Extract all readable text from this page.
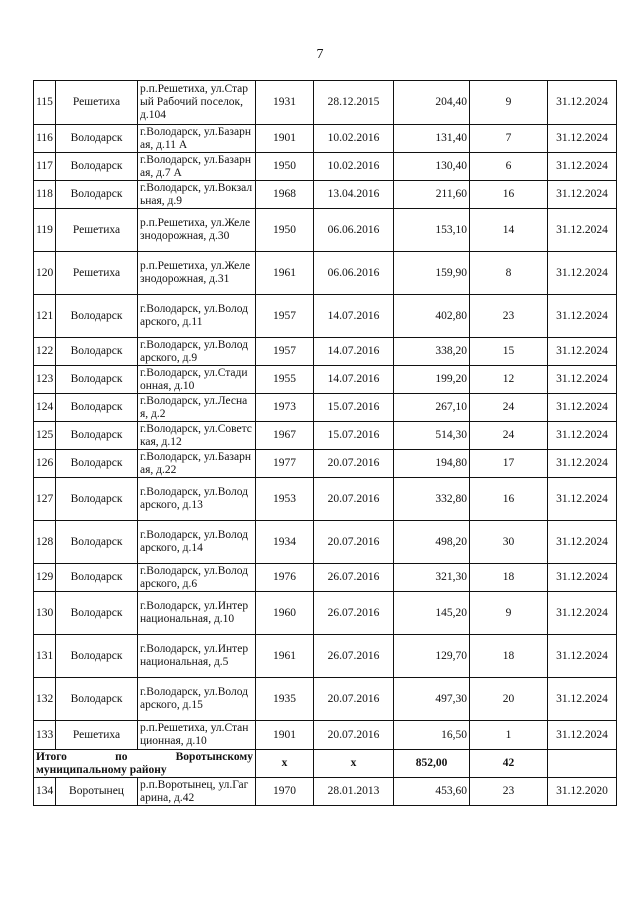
7
115	Решетиха	р.п.Решетиха, ул.Старый Рабочий поселок, д.104	1931	28.12.2015	204,40	9	31.12.2024
116	Володарск	г.Володарск, ул.Базарная, д.11 А	1901	10.02.2016	131,40	7	31.12.2024
117	Володарск	г.Володарск, ул.Базарная, д.7 А	1950	10.02.2016	130,40	6	31.12.2024
118	Володарск	г.Володарск, ул.Вокзальная, д.9	1968	13.04.2016	211,60	16	31.12.2024
119	Решетиха	р.п.Решетиха, ул.Железнодорожная, д.30	1950	06.06.2016	153,10	14	31.12.2024
120	Решетиха	р.п.Решетиха, ул.Железнодорожная, д.31	1961	06.06.2016	159,90	8	31.12.2024
121	Володарск	г.Володарск, ул.Володарского, д.11	1957	14.07.2016	402,80	23	31.12.2024
122	Володарск	г.Володарск, ул.Володарского, д.9	1957	14.07.2016	338,20	15	31.12.2024
123	Володарск	г.Володарск, ул.Стадионная, д.10	1955	14.07.2016	199,20	12	31.12.2024
124	Володарск	г.Володарск, ул.Лесная, д.2	1973	15.07.2016	267,10	24	31.12.2024
125	Володарск	г.Володарск, ул.Советская, д.12	1967	15.07.2016	514,30	24	31.12.2024
126	Володарск	г.Володарск, ул.Базарная, д.22	1977	20.07.2016	194,80	17	31.12.2024
127	Володарск	г.Володарск, ул.Володарского, д.13	1953	20.07.2016	332,80	16	31.12.2024
128	Володарск	г.Володарск, ул.Володарского, д.14	1934	20.07.2016	498,20	30	31.12.2024
129	Володарск	г.Володарск, ул.Володарского, д.6	1976	26.07.2016	321,30	18	31.12.2024
130	Володарск	г.Володарск, ул.Интернациональная, д.10	1960	26.07.2016	145,20	9	31.12.2024
131	Володарск	г.Володарск, ул.Интернациональная, д.5	1961	26.07.2016	129,70	18	31.12.2024
132	Володарск	г.Володарск, ул.Володарского, д.15	1935	20.07.2016	497,30	20	31.12.2024
133	Решетиха	р.п.Решетиха, ул.Станционная, д.10	1901	20.07.2016	16,50	1	31.12.2024
Итого по Воротынскому муниципальному району			x	x	852,00	42	
134	Воротынец	р.п.Воротынец, ул.Гагарина, д.42	1970	28.01.2013	453,60	23	31.12.2020
